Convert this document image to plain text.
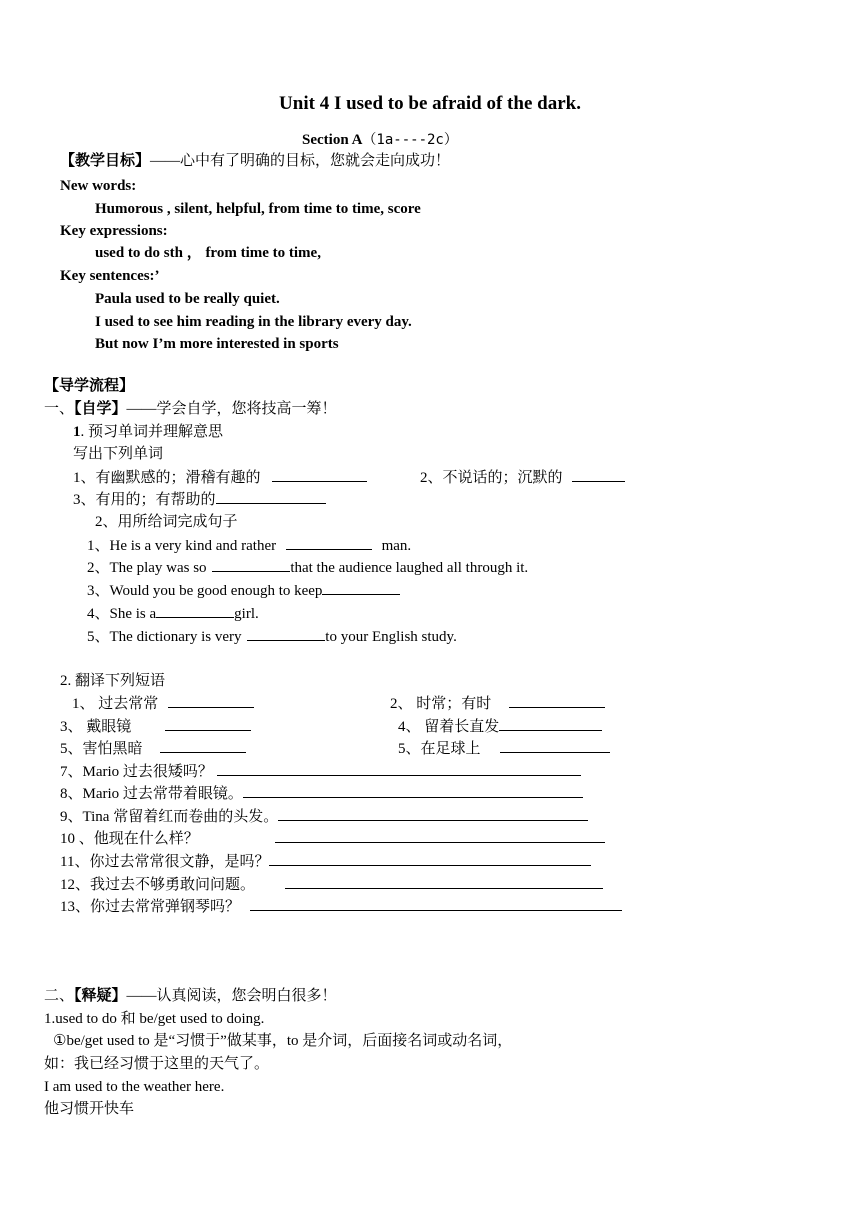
Unit 4 I used to be afraid of the dark.
Section A（1a----2c）
【教学目标】——心中有了明确的目标，您就会走向成功！
New words:
Humorous , silent, helpful, from time to time, score
Key expressions:
used to do sth ， from time to time,
Key sentences:’
Paula used to be really quiet.
I used to see him reading in the library every day.
But now I’m more interested in sports
【导学流程】
一、【自学】——学会自学，您将技高一筹！
1. 预习单词并理解意思
写出下列单词
1、有幽默感的；滑稽有趣的	2、不说话的；沉默的
3、有用的；有帮助的
2、用所给词完成句子
1、He is a very kind and rather	man.
2、The play was so	that the audience laughed all through it.
3、Would you be good enough to keep
4、She is a	girl.
5、The dictionary is very	to your English study.
2. 翻译下列短语
1、 过去常常	2、 时常；有时
3、 戴眼镜	4、 留着长直发
5、害怕黑暗	5、在足球上
7、Mario 过去很矮吗？
8、Mario 过去常带着眼镜。
9、Tina 常留着红而卷曲的头发。
10 、他现在什么样？
11、你过去常常很文静，是吗？
12、我过去不够勇敢问问题。
13、你过去常常弹钢琴吗？
二、【释疑】——认真阅读，您会明白很多！
1.used to do 和 be/get used to doing.
①be/get used to 是“习惯于”做某事，to 是介词，后面接名词或动名词，
如：我已经习惯于这里的天气了。
I am used to the weather here.
他习惯开快车
